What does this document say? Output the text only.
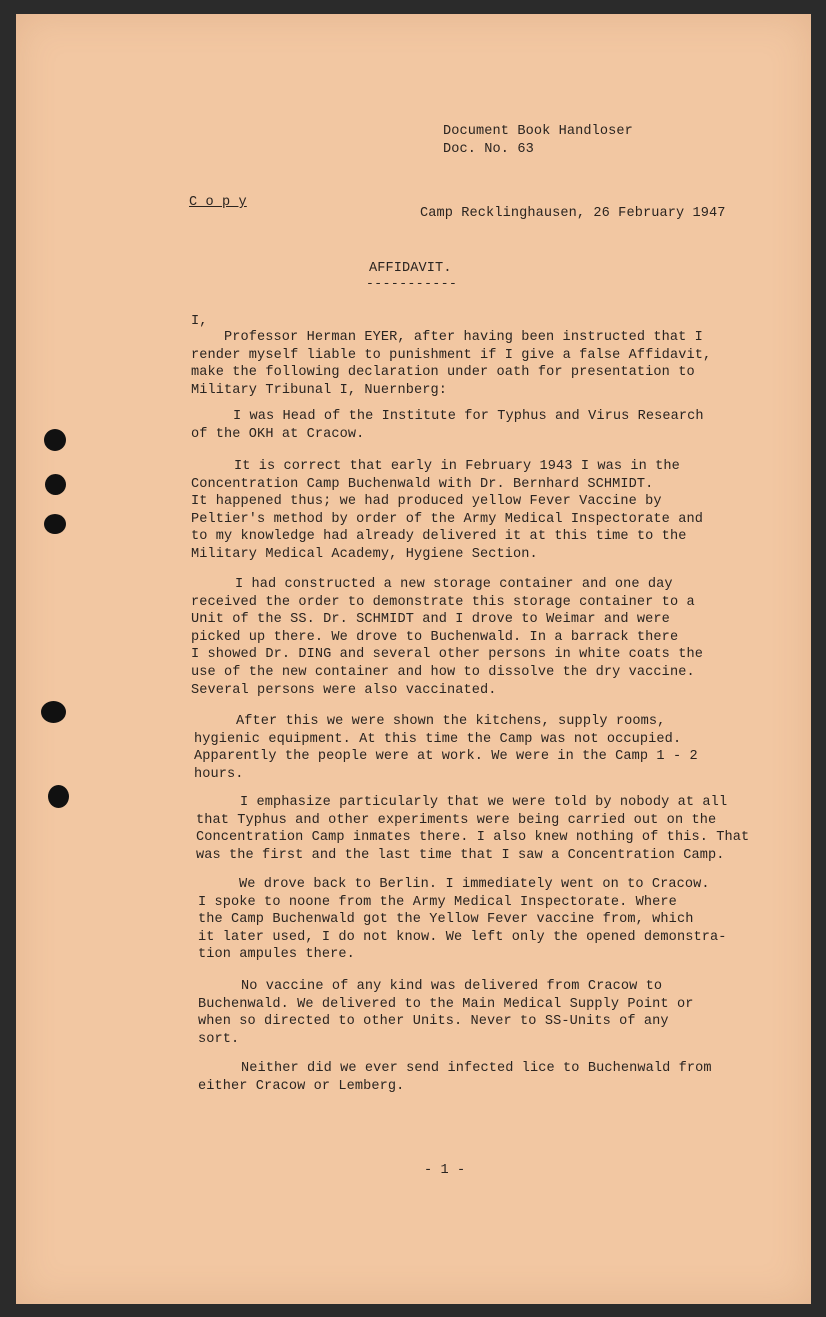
Document Book Handloser
Doc. No. 63
C o p y
Camp Recklinghausen, 26 February 1947
AFFIDAVIT.
-----------
I,
Professor Herman EYER, after having been instructed that I
render myself liable to punishment if I give a false Affidavit,
make the following declaration under oath for presentation to
Military Tribunal I, Nuernberg:
I was Head of the Institute for Typhus and Virus Research
of the OKH at Cracow.
It is correct that early in February 1943 I was in the
Concentration Camp Buchenwald with Dr. Bernhard SCHMIDT.
It happened thus; we had produced yellow Fever Vaccine by
Peltier's method by order of the Army Medical Inspectorate and
to my knowledge had already delivered it at this time to the
Military Medical Academy, Hygiene Section.
I had constructed a new storage container and one day
received the order to demonstrate this storage container to a
Unit of the SS. Dr. SCHMIDT and I drove to Weimar and were
picked up there. We drove to Buchenwald. In a barrack there
I showed Dr. DING and several other persons in white coats the
use of the new container and how to dissolve the dry vaccine.
Several persons were also vaccinated.
After this we were shown the kitchens, supply rooms,
hygienic equipment. At this time the Camp was not occupied.
Apparently the people were at work. We were in the Camp 1 - 2
hours.
I emphasize particularly that we were told by nobody at all
that Typhus and other experiments were being carried out on the
Concentration Camp inmates there. I also knew nothing of this. That
was the first and the last time that I saw a Concentration Camp.
We drove back to Berlin. I immediately went on to Cracow.
I spoke to noone from the Army Medical Inspectorate. Where
the Camp Buchenwald got the Yellow Fever vaccine from, which
it later used, I do not know. We left only the opened demonstra-
tion ampules there.
No vaccine of any kind was delivered from Cracow to
Buchenwald. We delivered to the Main Medical Supply Point or
when so directed to other Units. Never to SS-Units of any
sort.
Neither did we ever send infected lice to Buchenwald from
either Cracow or Lemberg.
- 1 -
